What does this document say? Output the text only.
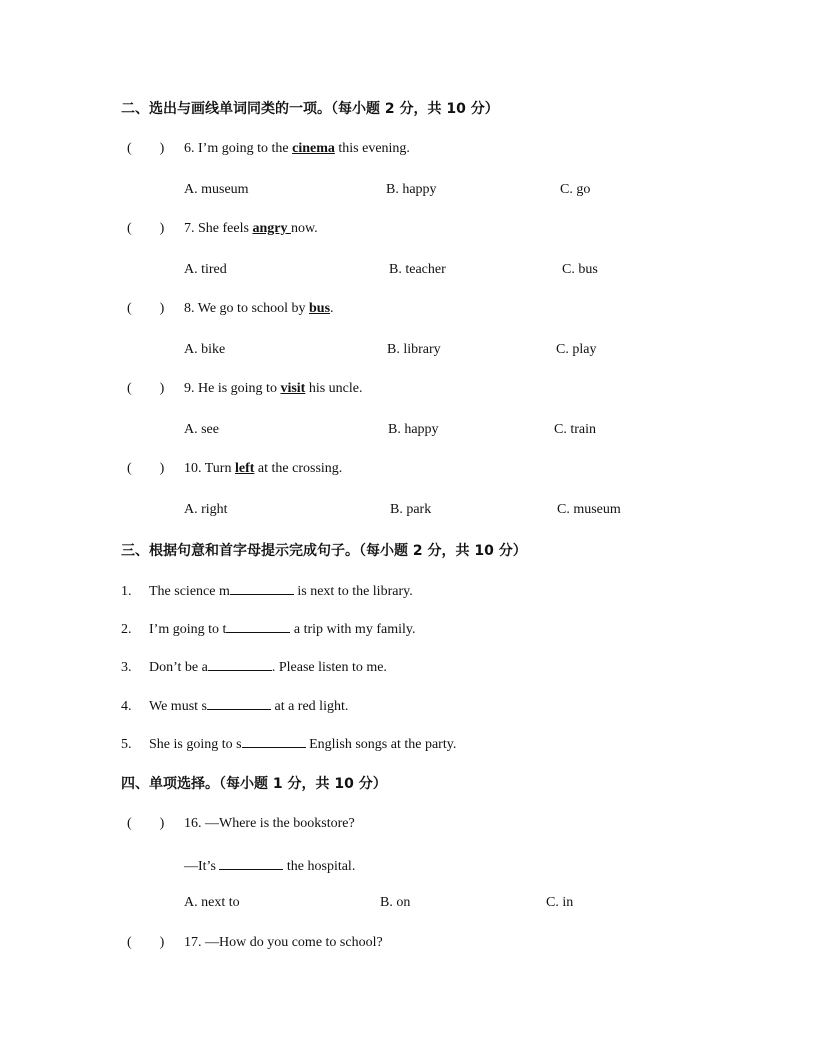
二、选出与画线单词同类的一项。（每小题 2 分，共 10 分）
( ) 6. I’m going to the cinema this evening.
A. museum	B. happy	C. go
( ) 7. She feels angry now.
A. tired	B. teacher	C. bus
( ) 8. We go to school by bus.
A. bike	B. library	C. play
( ) 9. He is going to visit his uncle.
A. see	B. happy	C. train
( ) 10. Turn left at the crossing.
A. right	B. park	C. museum
三、根据句意和首字母提示完成句子。（每小题 2 分，共 10 分）
1. The science m	is next to the library.
2. I’m going to t	a trip with my family.
3. Don’t be a	. Please listen to me.
4. We must s	at a red light.
5. She is going to s	English songs at the party.
四、单项选择。（每小题 1 分，共 10 分）
( ) 16. —Where is the bookstore?
—It’s	the hospital.
A. next to	B. on	C. in
( ) 17. —How do you come to school?
